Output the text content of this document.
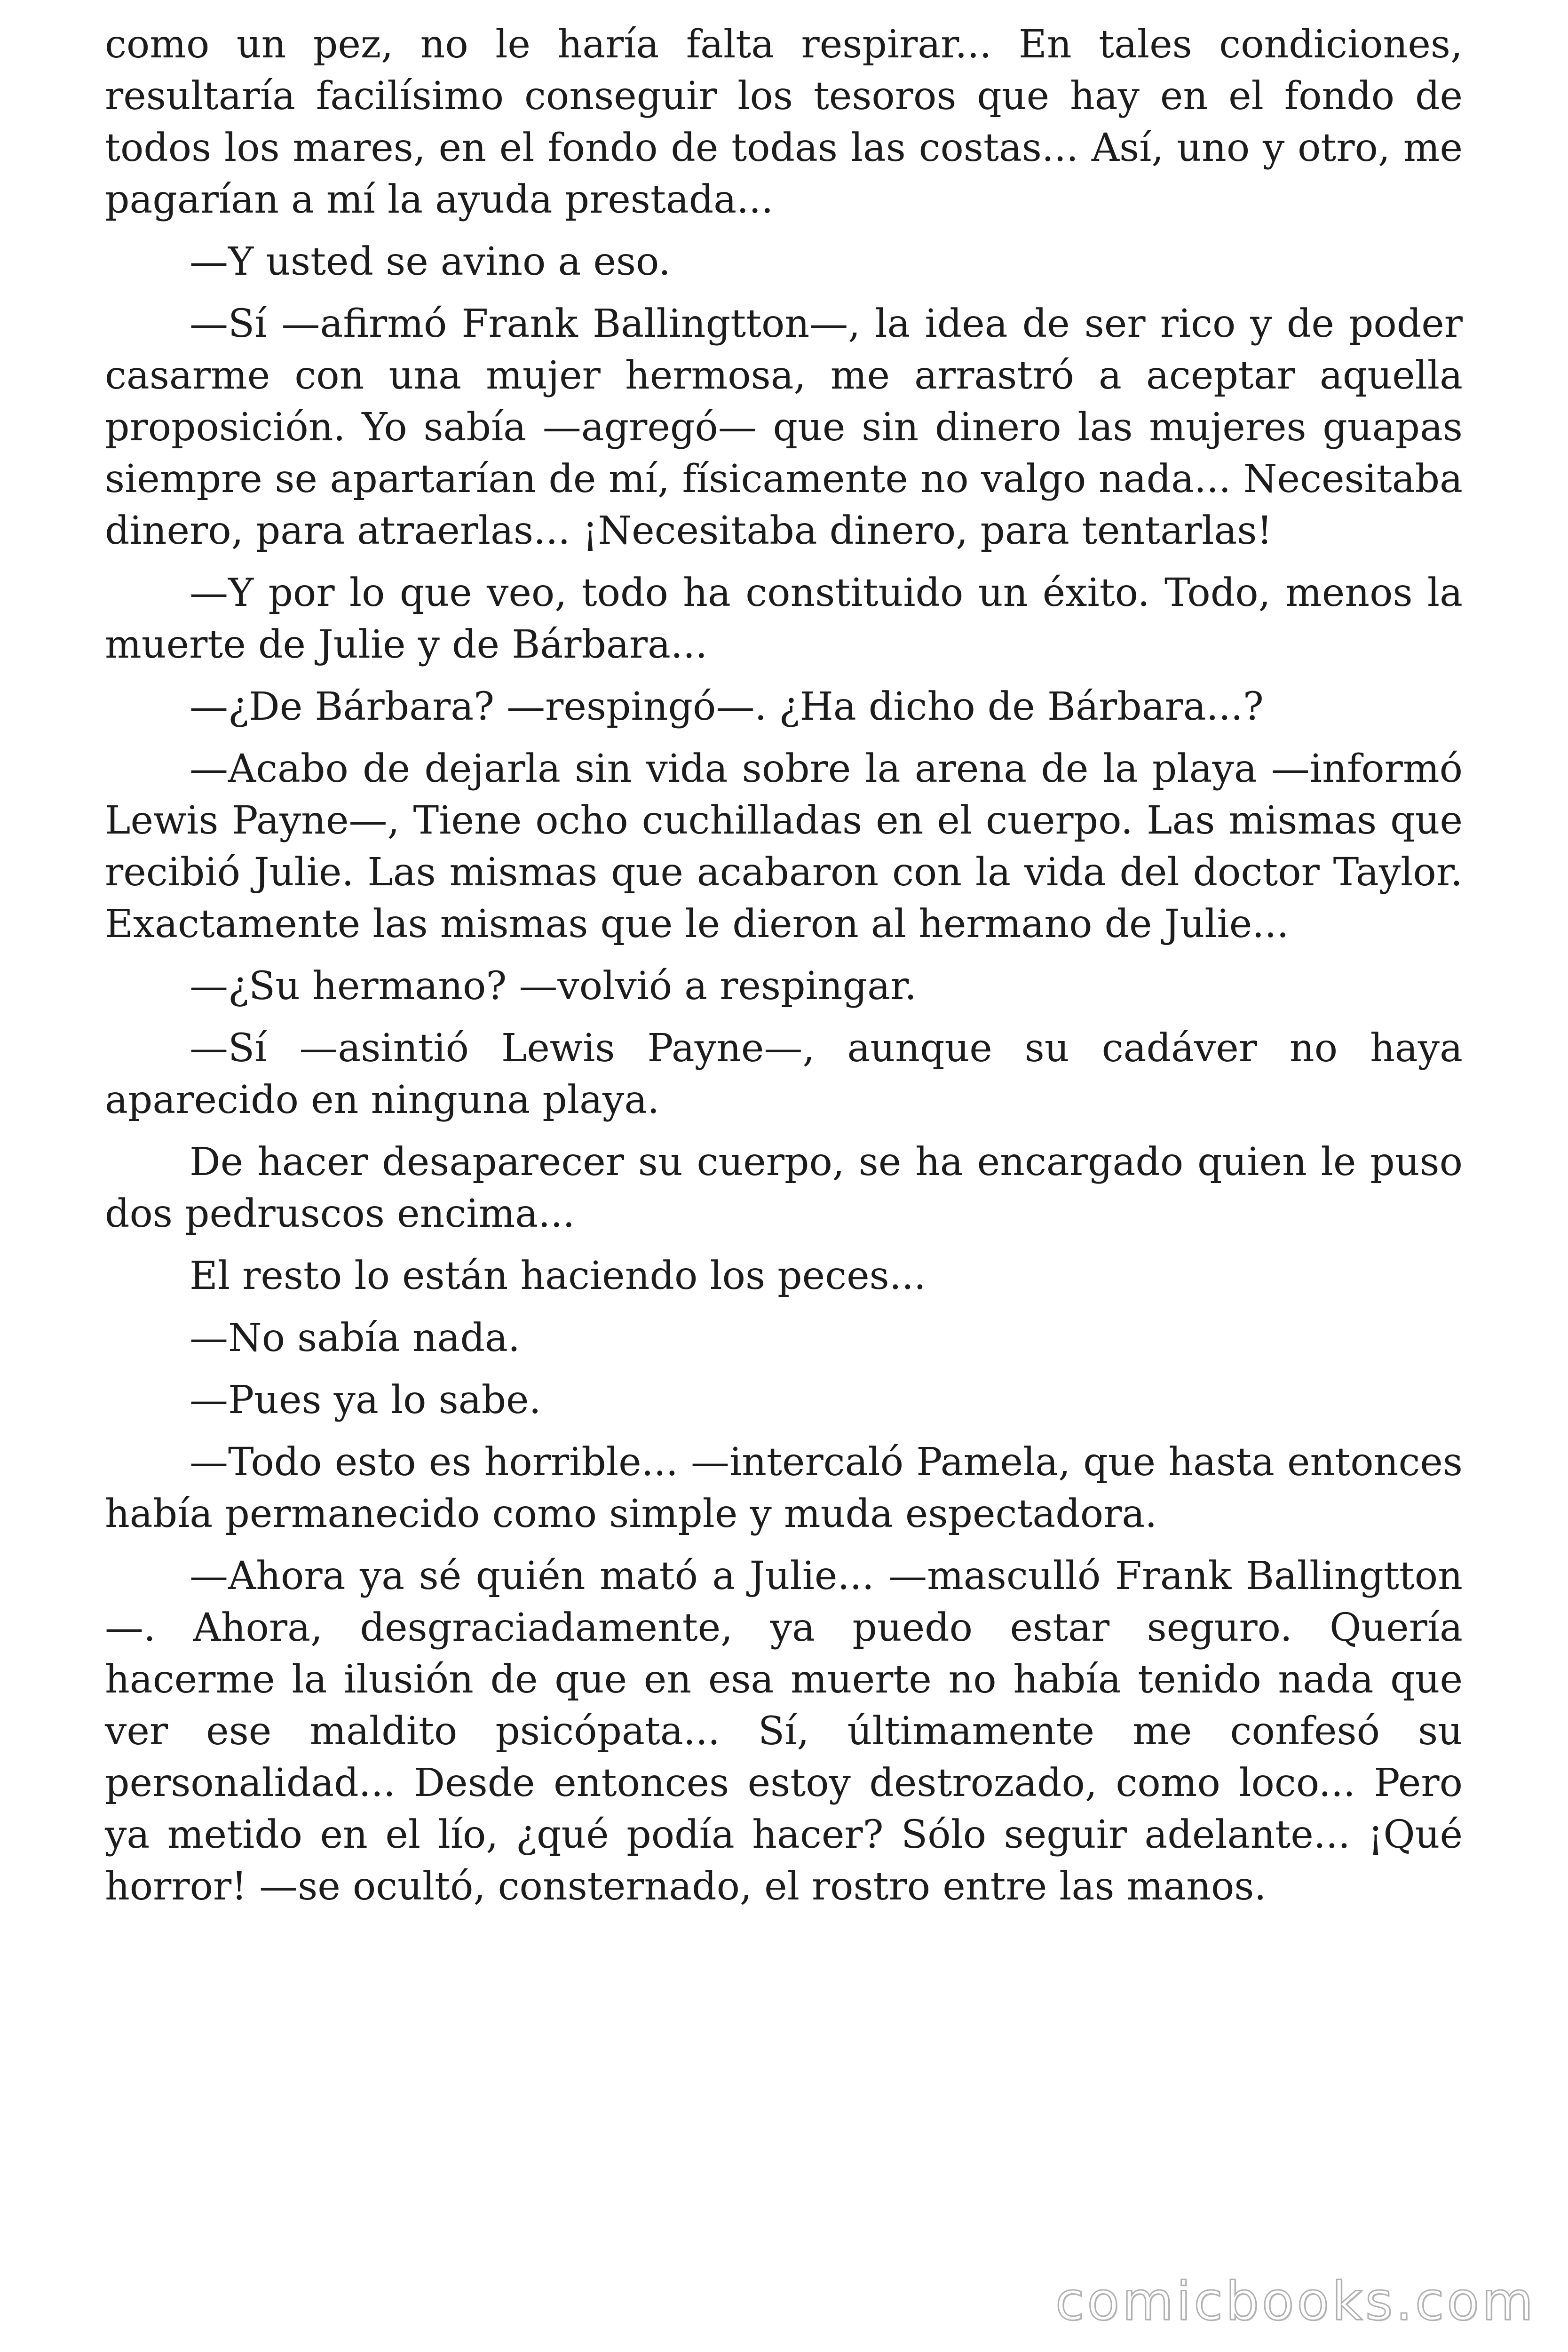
como un pez, no le haría falta respirar... En tales condiciones, resultaría facilísimo conseguir los tesoros que hay en el fondo de todos los mares, en el fondo de todas las costas... Así, uno y otro, me pagarían a mí la ayuda prestada...

—Y usted se avino a eso.

—Sí —afirmó Frank Ballingtton—, la idea de ser rico y de poder casarme con una mujer hermosa, me arrastró a aceptar aquella proposición. Yo sabía —agregó— que sin dinero las mujeres guapas siempre se apartarían de mí, físicamente no valgo nada... Necesitaba dinero, para atraerlas... ¡Necesitaba dinero, para tentarlas!

—Y por lo que veo, todo ha constituido un éxito. Todo, menos la muerte de Julie y de Bárbara...

—¿De Bárbara? —respingó—. ¿Ha dicho de Bárbara...?

—Acabo de dejarla sin vida sobre la arena de la playa —informó Lewis Payne—, Tiene ocho cuchilladas en el cuerpo. Las mismas que recibió Julie. Las mismas que acabaron con la vida del doctor Taylor. Exactamente las mismas que le dieron al hermano de Julie...

—¿Su hermano? —volvió a respingar.

—Sí —asintió Lewis Payne—, aunque su cadáver no haya aparecido en ninguna playa.

De hacer desaparecer su cuerpo, se ha encargado quien le puso dos pedruscos encima...

El resto lo están haciendo los peces...

—No sabía nada.

—Pues ya lo sabe.

—Todo esto es horrible... —intercaló Pamela, que hasta entonces había permanecido como simple y muda espectadora.

—Ahora ya sé quién mató a Julie... —masculló Frank Ballingtton —. Ahora, desgraciadamente, ya puedo estar seguro. Quería hacerme la ilusión de que en esa muerte no había tenido nada que ver ese maldito psicópata... Sí, últimamente me confesó su personalidad... Desde entonces estoy destrozado, como loco... Pero ya metido en el lío, ¿qué podía hacer? Sólo seguir adelante... ¡Qué horror! —se ocultó, consternado, el rostro entre las manos.

comicbooks.com
